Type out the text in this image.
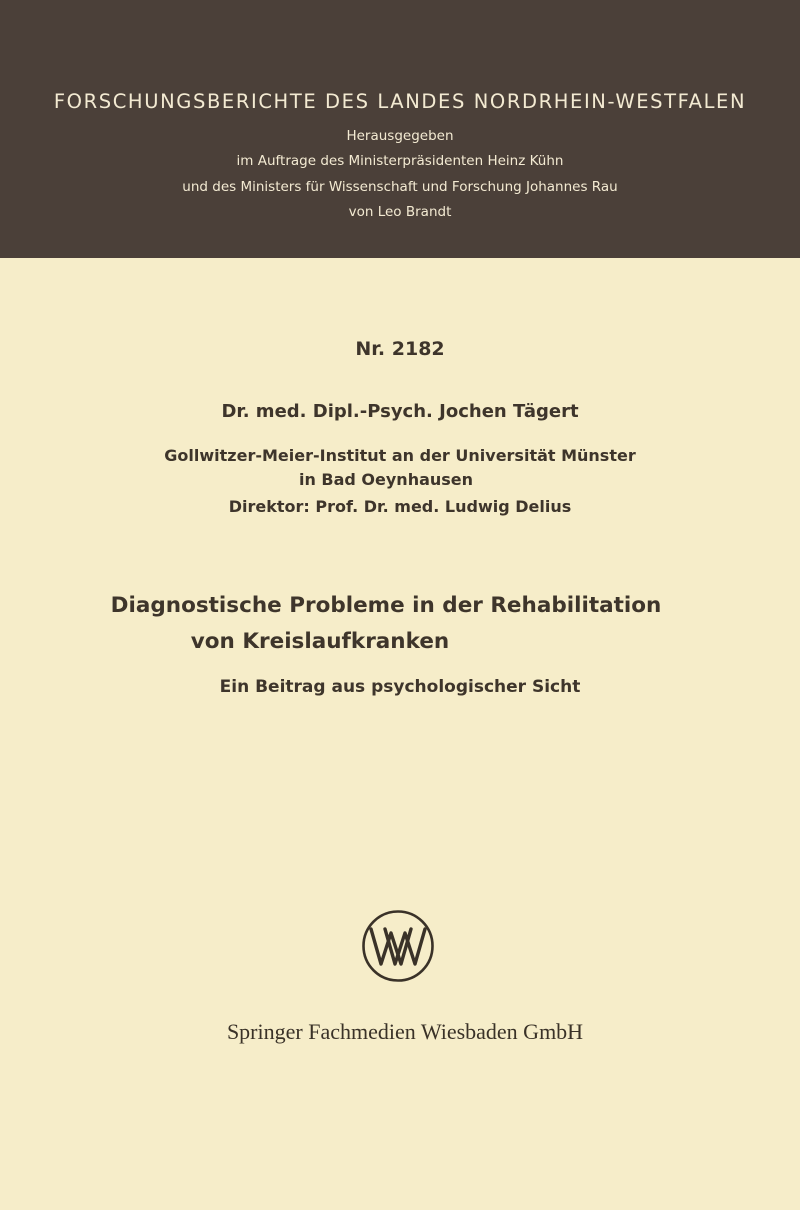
FORSCHUNGSBERICHTE DES LANDES NORDRHEIN-WESTFALEN
Herausgegeben
im Auftrage des Ministerpräsidenten Heinz Kühn
und des Ministers für Wissenschaft und Forschung Johannes Rau
von Leo Brandt
Nr. 2182
Dr. med. Dipl.-Psych. Jochen Tägert
Gollwitzer-Meier-Institut an der Universität Münster
in Bad Oeynhausen
Direktor: Prof. Dr. med. Ludwig Delius
Diagnostische Probleme in der Rehabilitation
von Kreislaufkranken
Ein Beitrag aus psychologischer Sicht
Springer Fachmedien Wiesbaden GmbH
